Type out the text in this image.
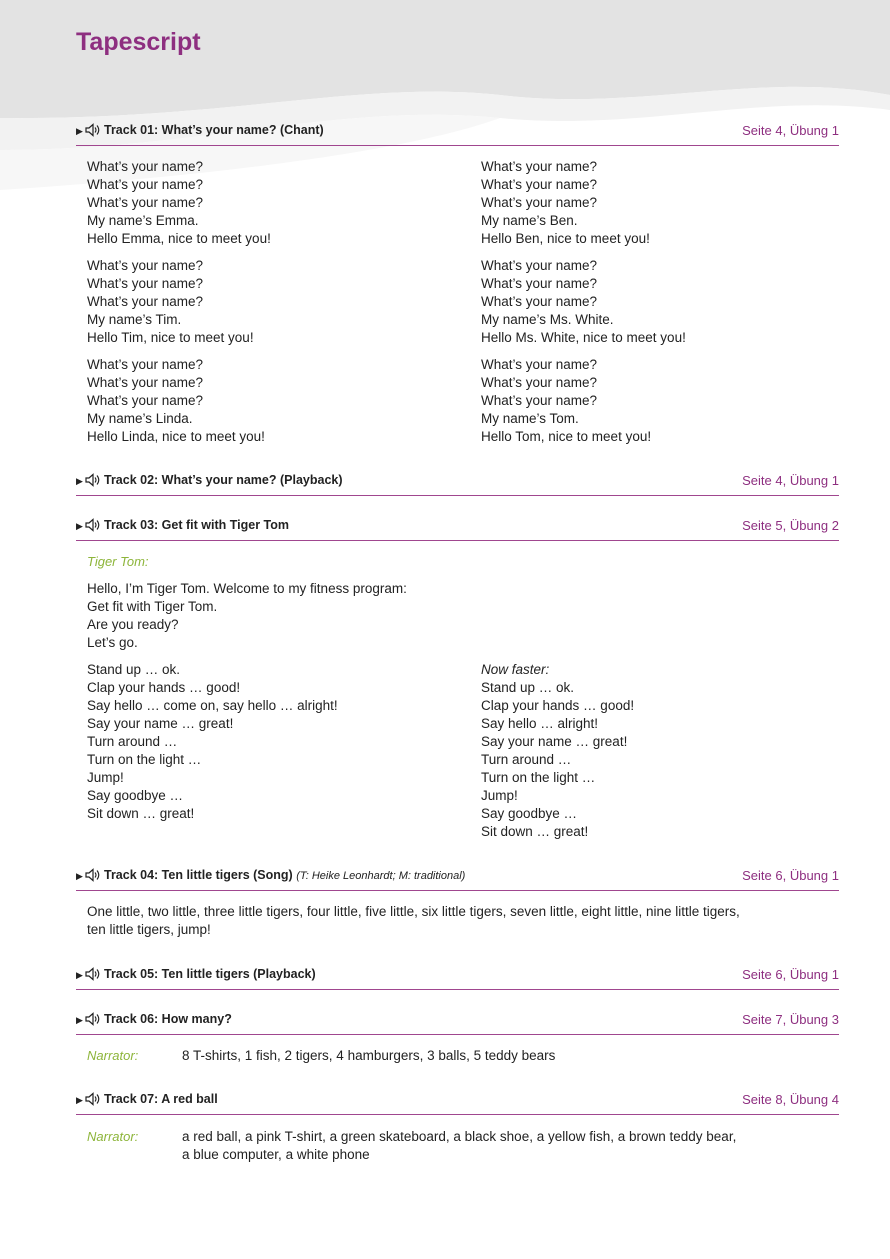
Tapescript
▶ Track 01: What’s your name? (Chant)	Seite 4, Übung 1
What’s your name?
What’s your name?
What’s your name?
My name’s Emma.
Hello Emma, nice to meet you!
What’s your name?
What’s your name?
What’s your name?
My name’s Tim.
Hello Tim, nice to meet you!
What’s your name?
What’s your name?
What’s your name?
My name’s Linda.
Hello Linda, nice to meet you!
What’s your name?
What’s your name?
What’s your name?
My name’s Ben.
Hello Ben, nice to meet you!
What’s your name?
What’s your name?
What’s your name?
My name’s Ms. White.
Hello Ms. White, nice to meet you!
What’s your name?
What’s your name?
What’s your name?
My name’s Tom.
Hello Tom, nice to meet you!
▶ Track 02: What’s your name? (Playback)	Seite 4, Übung 1
▶ Track 03: Get fit with Tiger Tom	Seite 5, Übung 2
Tiger Tom:
Hello, I’m Tiger Tom. Welcome to my fitness program:
Get fit with Tiger Tom.
Are you ready?
Let’s go.
Stand up … ok.
Clap your hands … good!
Say hello … come on, say hello … alright!
Say your name … great!
Turn around …
Turn on the light …
Jump!
Say goodbye …
Sit down … great!
Now faster:
Stand up … ok.
Clap your hands … good!
Say hello … alright!
Say your name … great!
Turn around …
Turn on the light …
Jump!
Say goodbye …
Sit down … great!
▶ Track 04: Ten little tigers (Song) (T: Heike Leonhardt; M: traditional)	Seite 6, Übung 1
One little, two little, three little tigers, four little, five little, six little tigers, seven little, eight little, nine little tigers,
ten little tigers, jump!
▶ Track 05: Ten little tigers (Playback)	Seite 6, Übung 1
▶ Track 06: How many?	Seite 7, Übung 3
Narrator:	8 T-shirts, 1 fish, 2 tigers, 4 hamburgers, 3 balls, 5 teddy bears
▶ Track 07: A red ball	Seite 8, Übung 4
Narrator:	a red ball, a pink T-shirt, a green skateboard, a black shoe, a yellow fish, a brown teddy bear,
a blue computer, a white phone
